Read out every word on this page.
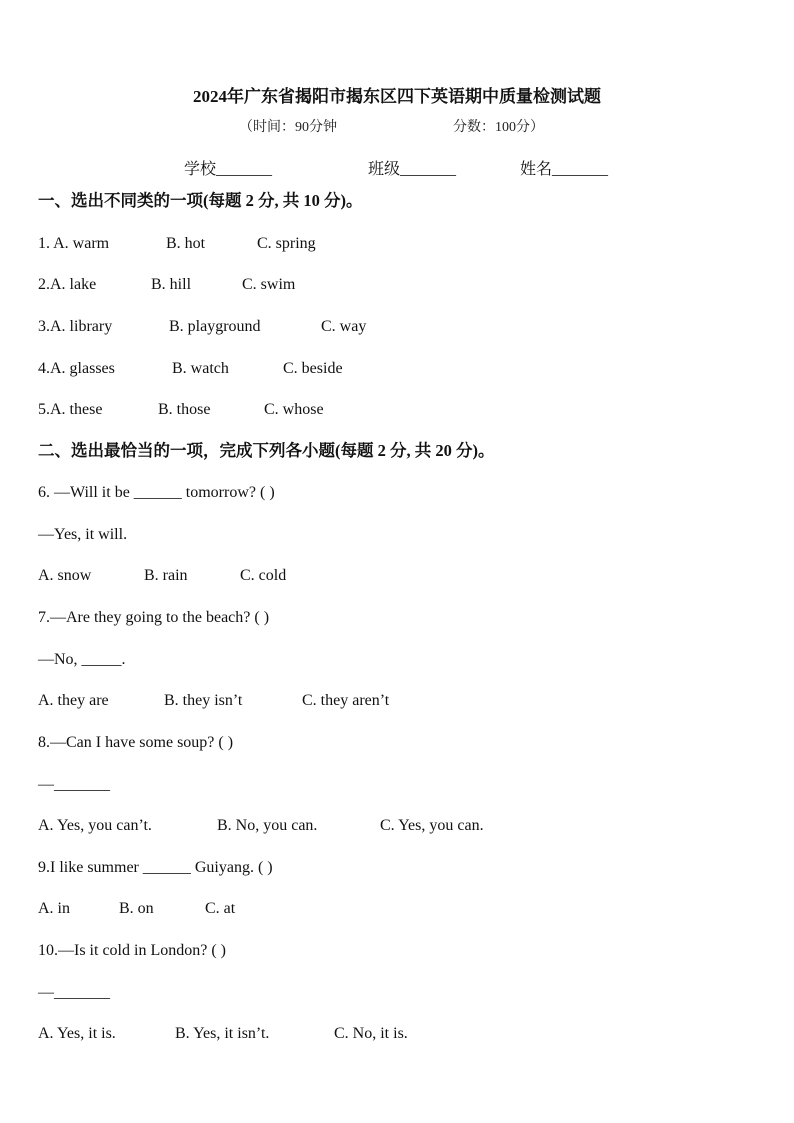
2024年广东省揭阳市揭东区四下英语期中质量检测试题
（时间：90分钟	分数：100分）
学校_______	班级_______	姓名_______
一、选出不同类的一项(每题 2 分, 共 10 分)。
1. A. warm	B. hot	C. spring
2.A. lake	B. hill	C. swim
3.A. library	B. playground	C. way
4.A. glasses	B. watch	C. beside
5.A. these	B. those	C. whose
二、选出最恰当的一项，完成下列各小题(每题 2 分, 共 20 分)。
6. —Will it be ______ tomorrow? ( )
—Yes, it will.
A. snow	B. rain	C. cold
7.—Are they going to the beach? ( )
—No, _____.
A. they are	B. they isn’t	C. they aren’t
8.—Can I have some soup? ( )
—_______
A. Yes, you can’t.	B. No, you can.	C. Yes, you can.
9.I like summer ______ Guiyang. ( )
A. in	B. on	C. at
10.—Is it cold in London? ( )
—_______
A. Yes, it is.	B. Yes, it isn’t.	C. No, it is.
